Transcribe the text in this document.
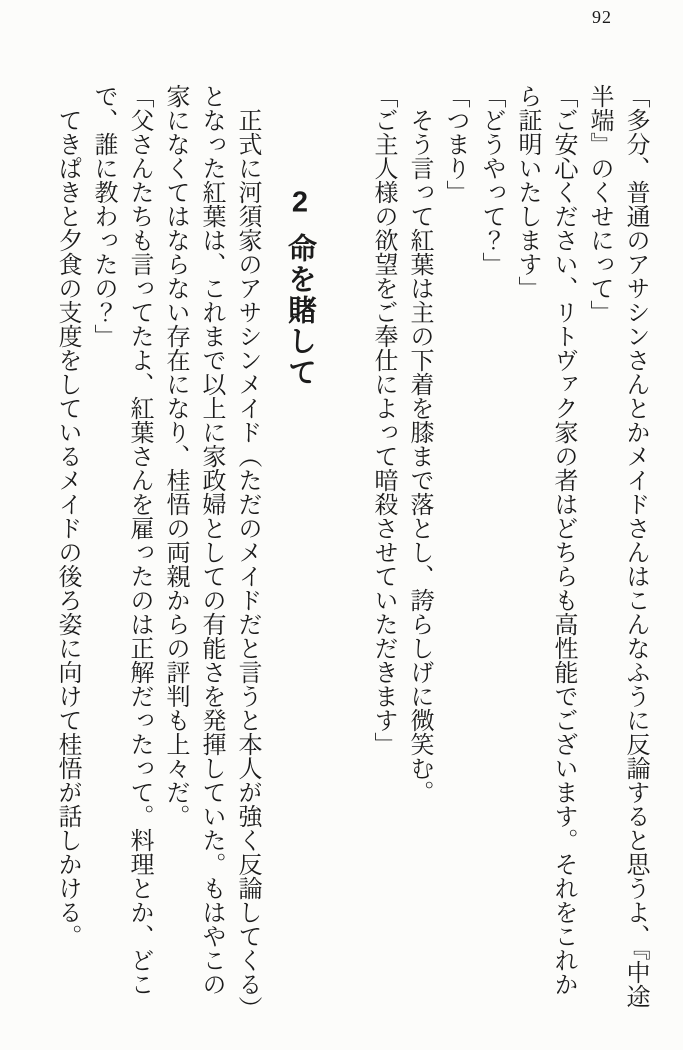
92

「多分、普通のアサシンさんとかメイドさんはこんなふうに反論すると思うよ、『中途半端』のくせにって」

「ご安心ください、リトヴァク家の者はどちらも高性能でございます。それをこれから証明いたします」

「どうやって？」

「つまり」

そう言って紅葉は主の下着を膝まで落とし、誇らしげに微笑む。

「ご主人様の欲望をご奉仕によって暗殺させていただきます」

2命を賭して

正式に河須家のアサシンメイド（ただのメイドだと言うと本人が強く反論してくる）となった紅葉は、これまで以上に家政婦としての有能さを発揮していた。もはやこの家になくてはならない存在になり、桂悟の両親からの評判も上々だ。

「父さんたちも言ってたよ、紅葉さんを雇ったのは正解だったって。料理とか、どこで、誰に教わったの？」

てきぱきと夕食の支度をしているメイドの後ろ姿に向けて桂悟が話しかける。
